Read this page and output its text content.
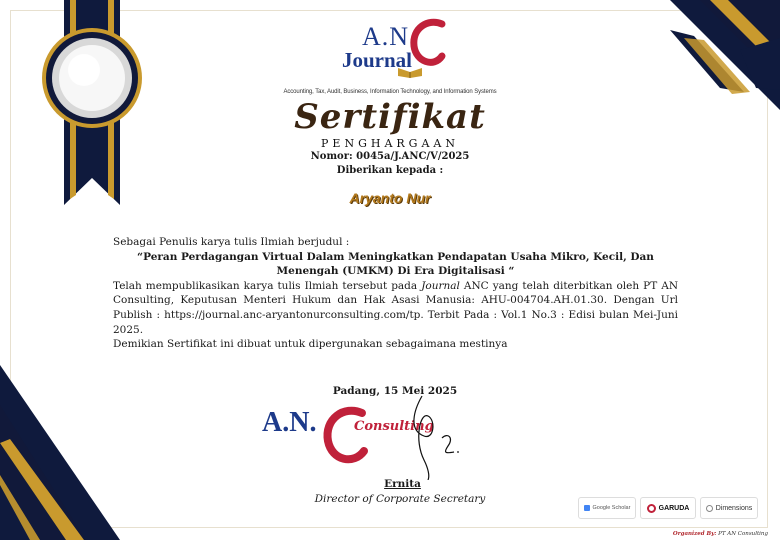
A.N.
Journal
Accounting, Tax, Audit, Business, Information Technology, and Information Systems
Sertifikat
PENGHARGAAN
Nomor: 0045a/J.ANC/V/2025
Diberikan kepada :
Aryanto Nur

Sebagai Penulis karya tulis Ilmiah berjudul :

“Peran Perdagangan Virtual Dalam Meningkatkan Pendapatan Usaha Mikro, Kecil, Dan

Menengah (UMKM) Di Era Digitalisasi “

Telah mempublikasikan karya tulis Ilmiah tersebut pada Journal ANC yang telah diterbitkan oleh PT AN Consulting, Keputusan Menteri Hukum dan Hak Asasi Manusia: AHU-004704.AH.01.30. Dengan Url Publish : https://journal.anc-aryantonurconsulting.com/tp. Terbit Pada : Vol.1 No.3 : Edisi bulan Mei-Juni 2025.

Demikian Sertifikat ini dibuat untuk dipergunakan sebagaimana mestinya

Padang, 15 Mei 2025
A.N.	Consulting
Ernita
Director of Corporate Secretary
Google Scholar	GARUDA	Dimensions
Organized By: PT AN Consulting
